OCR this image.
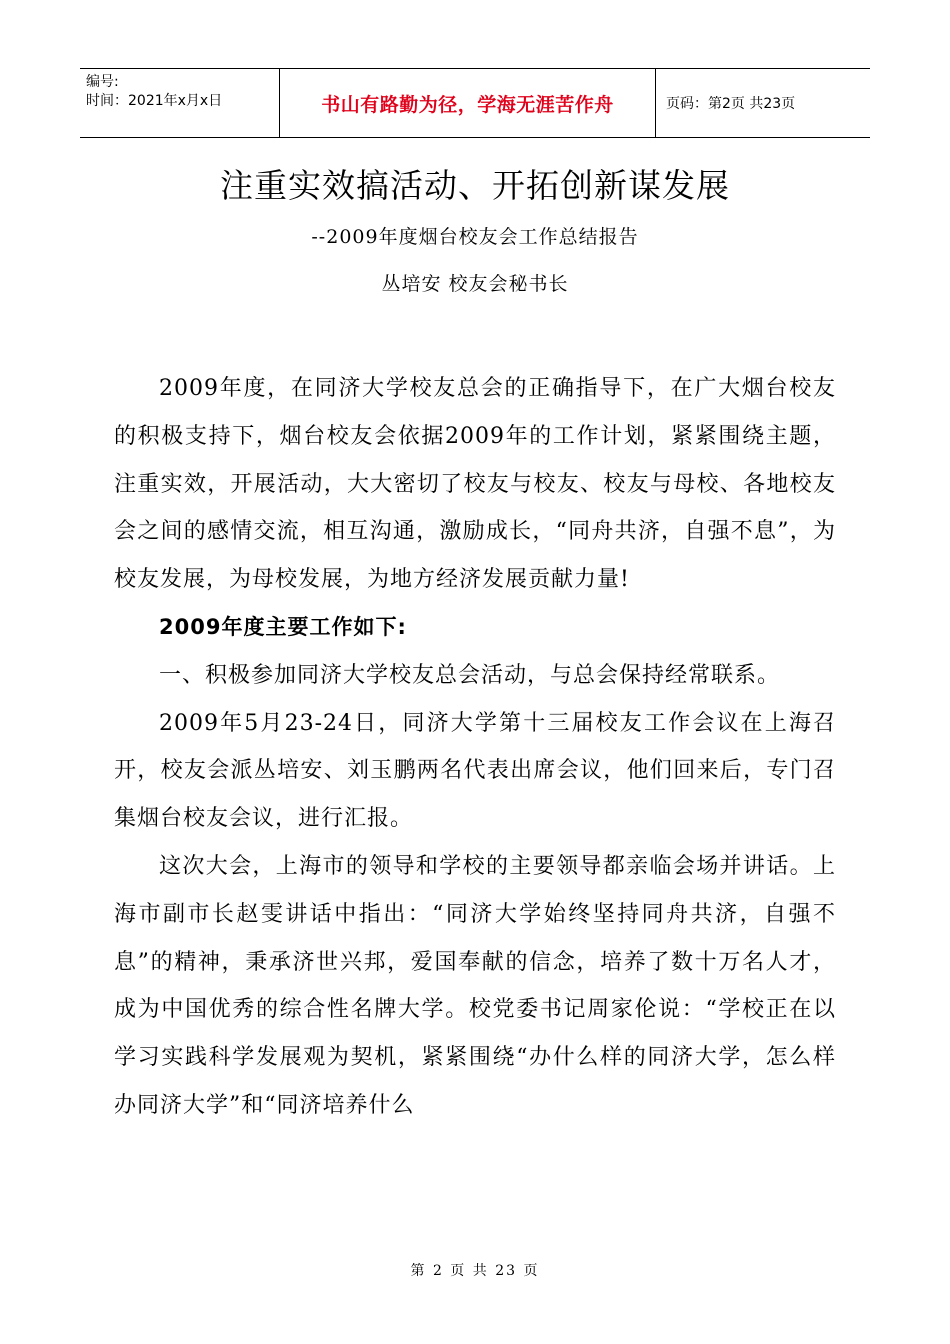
编号:
时间：2021年x月x日	书山有路勤为径，学海无涯苦作舟	页码：第2页 共23页
注重实效搞活动、开拓创新谋发展
--2009年度烟台校友会工作总结报告
丛培安 校友会秘书长

2009年度，在同济大学校友总会的正确指导下，在广大烟台校友的积极支持下，烟台校友会依据2009年的工作计划，紧紧围绕主题，注重实效，开展活动，大大密切了校友与校友、校友与母校、各地校友会之间的感情交流，相互沟通，激励成长，“同舟共济，自强不息”，为校友发展，为母校发展，为地方经济发展贡献力量!

2009年度主要工作如下:

一、积极参加同济大学校友总会活动，与总会保持经常联系。

2009年5月23-24日，同济大学第十三届校友工作会议在上海召开，校友会派丛培安、刘玉鹏两名代表出席会议，他们回来后，专门召集烟台校友会议，进行汇报。

这次大会，上海市的领导和学校的主要领导都亲临会场并讲话。上海市副市长赵雯讲话中指出：“同济大学始终坚持同舟共济，自强不息”的精神，秉承济世兴邦，爱国奉献的信念，培养了数十万名人才，成为中国优秀的综合性名牌大学。校党委书记周家伦说：“学校正在以学习实践科学发展观为契机，紧紧围绕“办什么样的同济大学，怎么样办同济大学”和“同济培养什么

第 2 页 共 23 页
